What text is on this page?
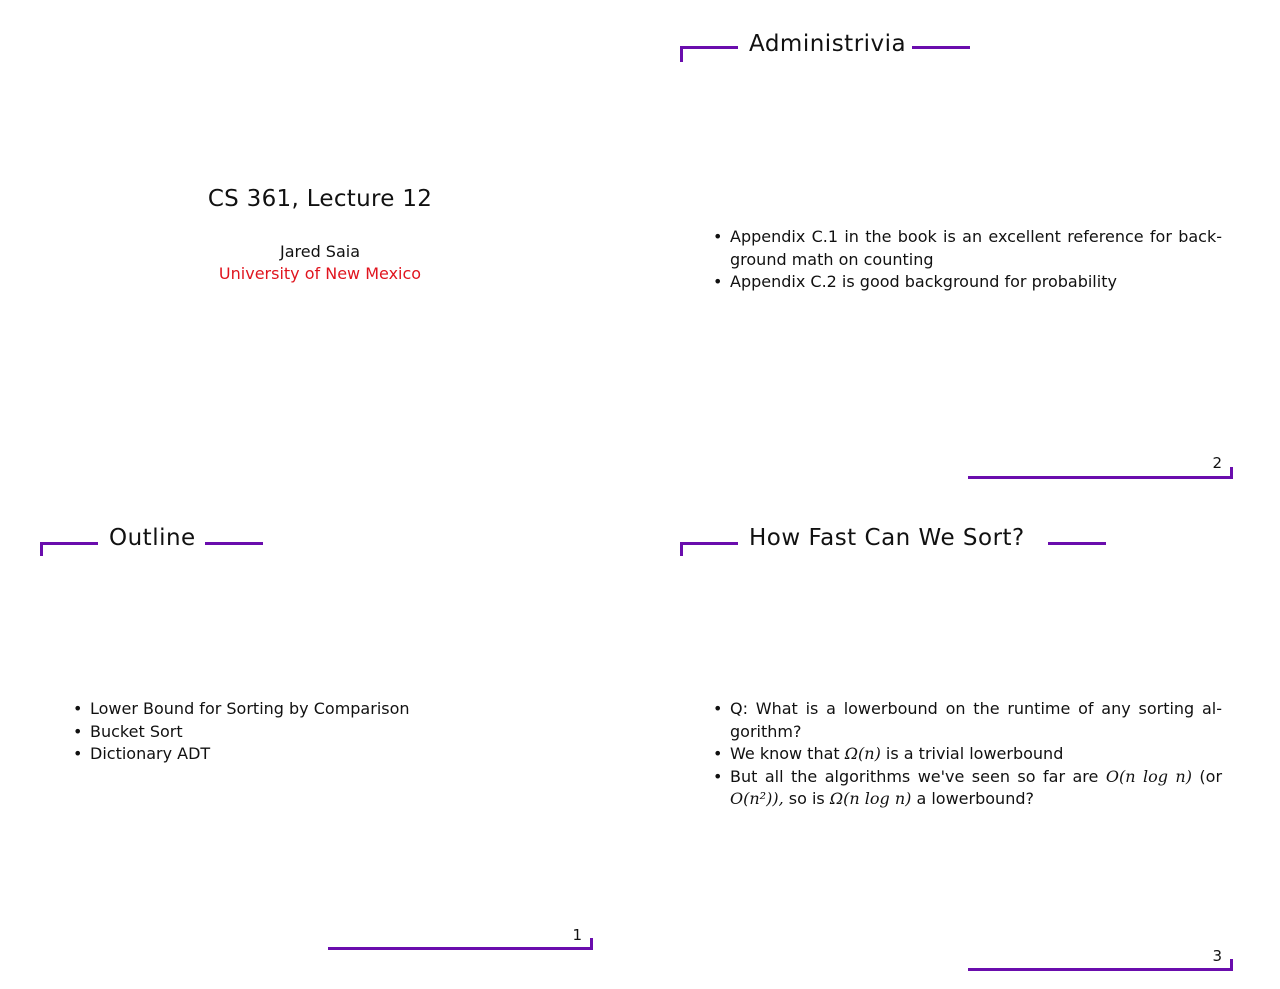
CS 361, Lecture 12
Jared Saia
University of New Mexico
Administrivia
• Appendix C.1 in the book is an excellent reference for back- ground math on counting
• Appendix C.2 is good background for probability
2
Outline
• Lower Bound for Sorting by Comparison
• Bucket Sort
• Dictionary ADT
1
How Fast Can We Sort?
• Q: What is a lowerbound on the runtime of any sorting al- gorithm?
• We know that Ω(n) is a trivial lowerbound
• But all the algorithms we've seen so far are O(n log n) (or O(n²)), so is Ω(n log n) a lowerbound?
3
